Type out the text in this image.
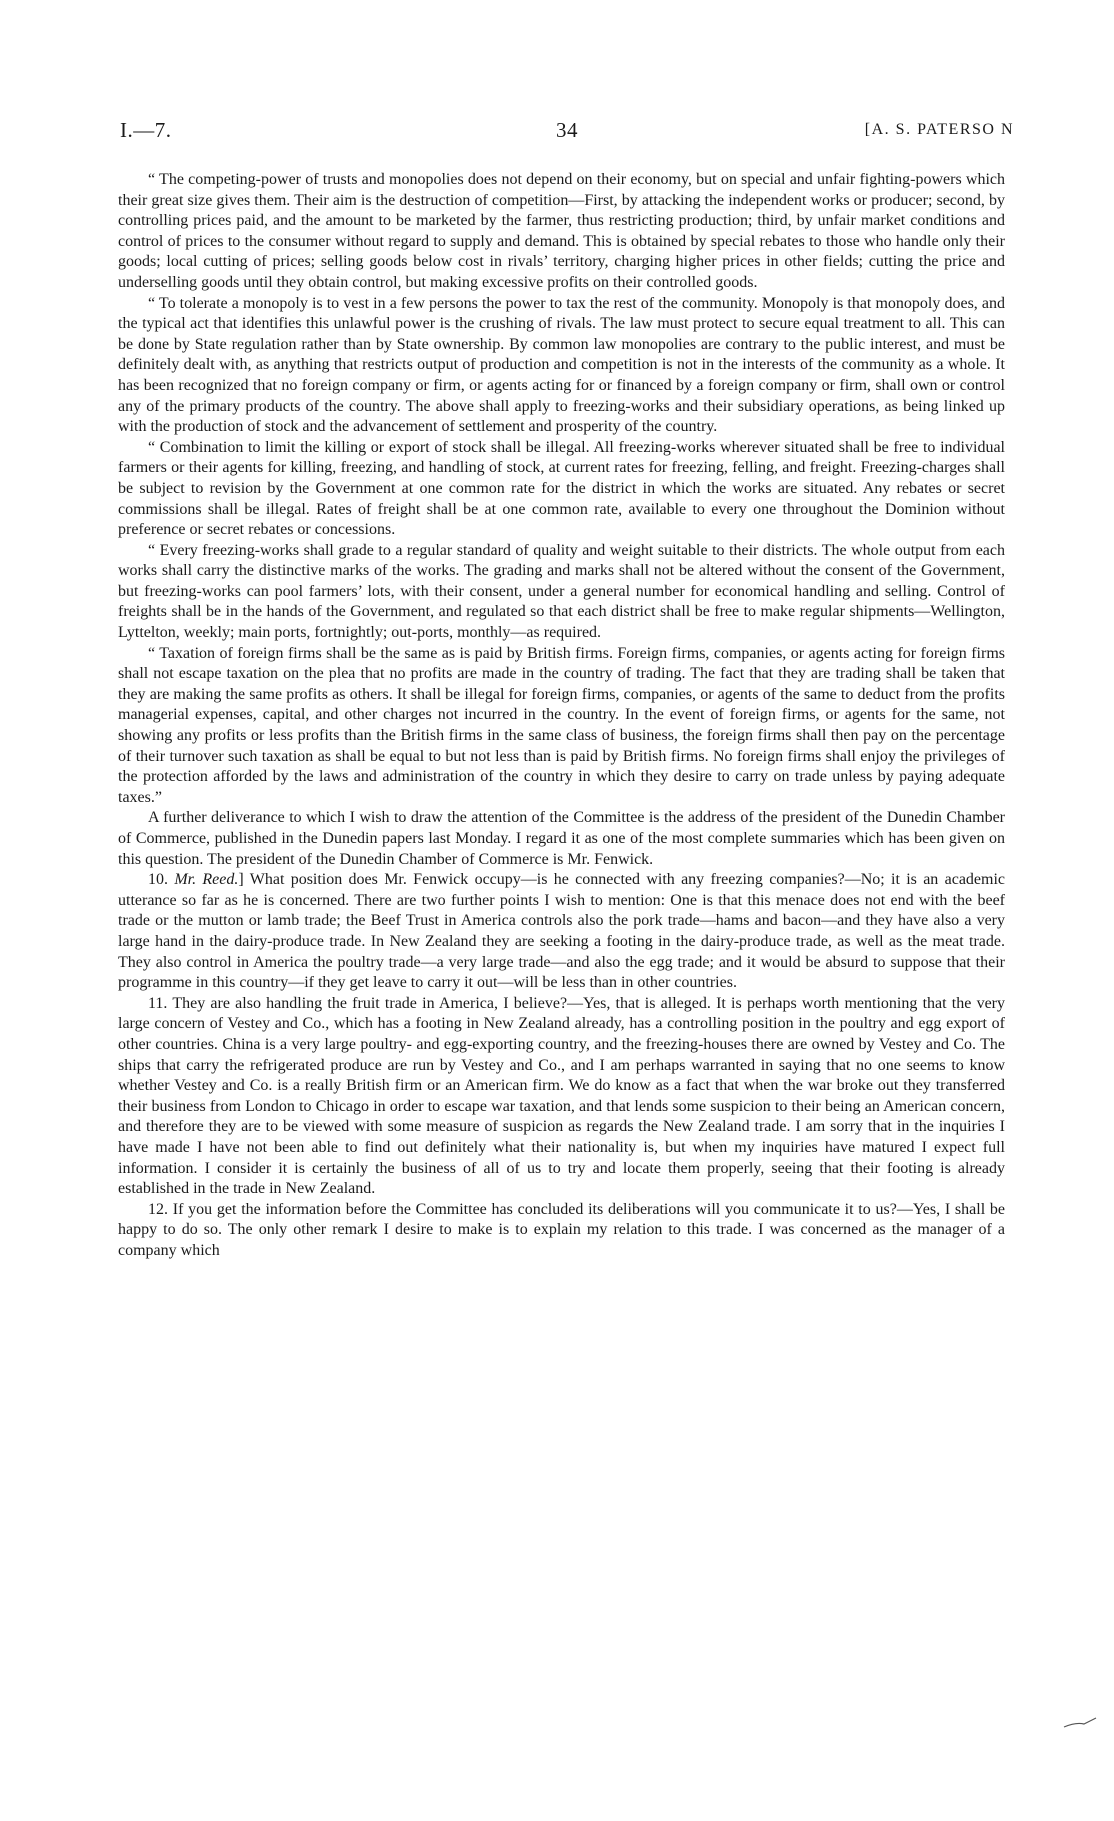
I.—7.	34	[A. S. PATERSO N

“ The competing-power of trusts and monopolies does not depend on their economy, but on special and unfair fighting-powers which their great size gives them. Their aim is the destruction of competition—First, by attacking the independent works or producer; second, by controlling prices paid, and the amount to be marketed by the farmer, thus restricting production; third, by unfair market conditions and control of prices to the consumer without regard to supply and demand. This is obtained by special rebates to those who handle only their goods; local cutting of prices; selling goods below cost in rivals’ territory, charging higher prices in other fields; cutting the price and underselling goods until they obtain control, but making excessive profits on their controlled goods.

“ To tolerate a monopoly is to vest in a few persons the power to tax the rest of the community. Monopoly is that monopoly does, and the typical act that identifies this unlawful power is the crushing of rivals. The law must protect to secure equal treatment to all. This can be done by State regulation rather than by State ownership. By common law monopolies are contrary to the public interest, and must be definitely dealt with, as anything that restricts output of production and competition is not in the interests of the community as a whole. It has been recognized that no foreign company or firm, or agents acting for or financed by a foreign company or firm, shall own or control any of the primary products of the country. The above shall apply to freezing-works and their subsidiary operations, as being linked up with the production of stock and the advancement of settlement and prosperity of the country.

“ Combination to limit the killing or export of stock shall be illegal. All freezing-works wherever situated shall be free to individual farmers or their agents for killing, freezing, and handling of stock, at current rates for freezing, felling, and freight. Freezing-charges shall be subject to revision by the Government at one common rate for the district in which the works are situated. Any rebates or secret commissions shall be illegal. Rates of freight shall be at one common rate, available to every one throughout the Dominion without preference or secret rebates or concessions.

“ Every freezing-works shall grade to a regular standard of quality and weight suitable to their districts. The whole output from each works shall carry the distinctive marks of the works. The grading and marks shall not be altered without the consent of the Government, but freezing-works can pool farmers’ lots, with their consent, under a general number for economical handling and selling. Control of freights shall be in the hands of the Government, and regulated so that each district shall be free to make regular shipments—Wellington, Lyttelton, weekly; main ports, fortnightly; out-ports, monthly—as required.

“ Taxation of foreign firms shall be the same as is paid by British firms. Foreign firms, companies, or agents acting for foreign firms shall not escape taxation on the plea that no profits are made in the country of trading. The fact that they are trading shall be taken that they are making the same profits as others. It shall be illegal for foreign firms, companies, or agents of the same to deduct from the profits managerial expenses, capital, and other charges not incurred in the country. In the event of foreign firms, or agents for the same, not showing any profits or less profits than the British firms in the same class of business, the foreign firms shall then pay on the percentage of their turnover such taxation as shall be equal to but not less than is paid by British firms. No foreign firms shall enjoy the privileges of the protection afforded by the laws and administration of the country in which they desire to carry on trade unless by paying adequate taxes.”

A further deliverance to which I wish to draw the attention of the Committee is the address of the president of the Dunedin Chamber of Commerce, published in the Dunedin papers last Monday. I regard it as one of the most complete summaries which has been given on this question. The president of the Dunedin Chamber of Commerce is Mr. Fenwick.

10. Mr. Reed.] What position does Mr. Fenwick occupy—is he connected with any freezing companies?—No; it is an academic utterance so far as he is concerned. There are two further points I wish to mention: One is that this menace does not end with the beef trade or the mutton or lamb trade; the Beef Trust in America controls also the pork trade—hams and bacon—and they have also a very large hand in the dairy-produce trade. In New Zealand they are seeking a footing in the dairy-produce trade, as well as the meat trade. They also control in America the poultry trade—a very large trade—and also the egg trade; and it would be absurd to suppose that their programme in this country—if they get leave to carry it out—will be less than in other countries.

11. They are also handling the fruit trade in America, I believe?—Yes, that is alleged. It is perhaps worth mentioning that the very large concern of Vestey and Co., which has a footing in New Zealand already, has a controlling position in the poultry and egg export of other countries. China is a very large poultry- and egg-exporting country, and the freezing-houses there are owned by Vestey and Co. The ships that carry the refrigerated produce are run by Vestey and Co., and I am perhaps warranted in saying that no one seems to know whether Vestey and Co. is a really British firm or an American firm. We do know as a fact that when the war broke out they transferred their business from London to Chicago in order to escape war taxation, and that lends some suspicion to their being an American concern, and therefore they are to be viewed with some measure of suspicion as regards the New Zealand trade. I am sorry that in the inquiries I have made I have not been able to find out definitely what their nationality is, but when my inquiries have matured I expect full information. I consider it is certainly the business of all of us to try and locate them properly, seeing that their footing is already established in the trade in New Zealand.

12. If you get the information before the Committee has concluded its deliberations will you communicate it to us?—Yes, I shall be happy to do so. The only other remark I desire to make is to explain my relation to this trade. I was concerned as the manager of a company which
